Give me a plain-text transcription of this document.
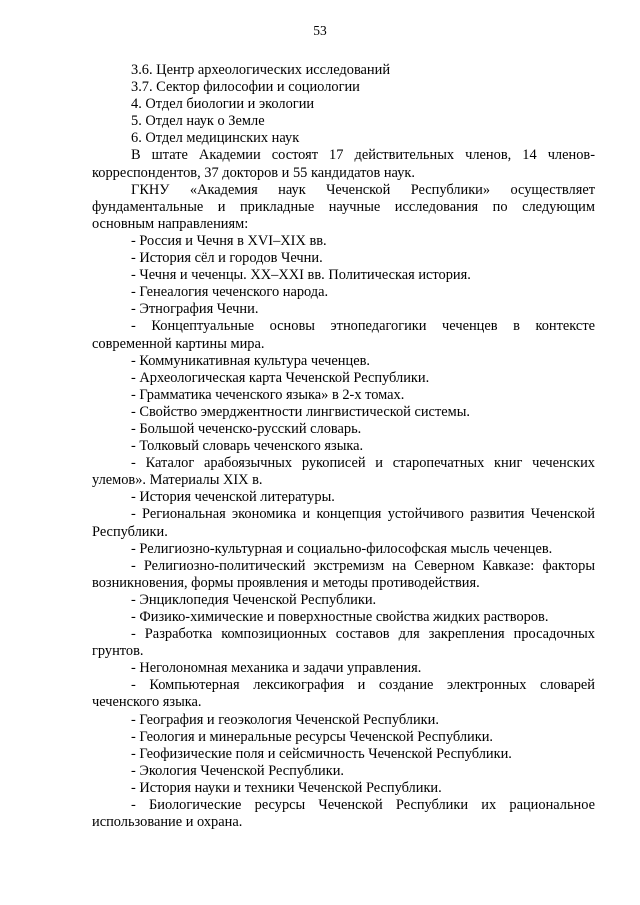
53

3.6. Центр археологических исследований

3.7. Сектор философии и социологии

4. Отдел биологии и экологии

5. Отдел наук о Земле

6. Отдел медицинских наук

В штате Академии состоят 17 действительных членов, 14 членов-корреспондентов, 37 докторов и 55 кандидатов наук.

ГКНУ «Академия наук Чеченской Республики» осуществляет фундаментальные и прикладные научные исследования по следующим основным направлениям:

- Россия и Чечня в XVI–XIX вв.

- История сёл и городов Чечни.

- Чечня и чеченцы. XX–XXI вв. Политическая история.

- Генеалогия чеченского народа.

- Этнография Чечни.

- Концептуальные основы этнопедагогики чеченцев в контексте современной картины мира.

- Коммуникативная культура чеченцев.

- Археологическая карта Чеченской Республики.

- Грамматика чеченского языка» в 2-х томах.

- Свойство эмерджентности лингвистической системы.

- Большой чеченско-русский словарь.

- Толковый словарь чеченского языка.

- Каталог арабоязычных рукописей и старопечатных книг чеченских улемов». Материалы XIX в.

- История чеченской литературы.

- Региональная экономика и концепция устойчивого развития Чеченской Республики.

- Религиозно-культурная и социально-философская мысль чеченцев.

- Религиозно-политический экстремизм на Северном Кавказе: факторы возникновения, формы проявления и методы противодействия.

- Энциклопедия Чеченской Республики.

- Физико-химические и поверхностные свойства жидких растворов.

- Разработка композиционных составов для закрепления просадочных грунтов.

- Неголономная механика и задачи управления.

- Компьютерная лексикография и создание электронных словарей чеченского языка.

- География и геоэкология Чеченской Республики.

- Геология и минеральные ресурсы Чеченской Республики.

- Геофизические поля и сейсмичность Чеченской Республики.

- Экология Чеченской Республики.

- История науки и техники Чеченской Республики.

- Биологические ресурсы Чеченской Республики их рациональное использование и охрана.
